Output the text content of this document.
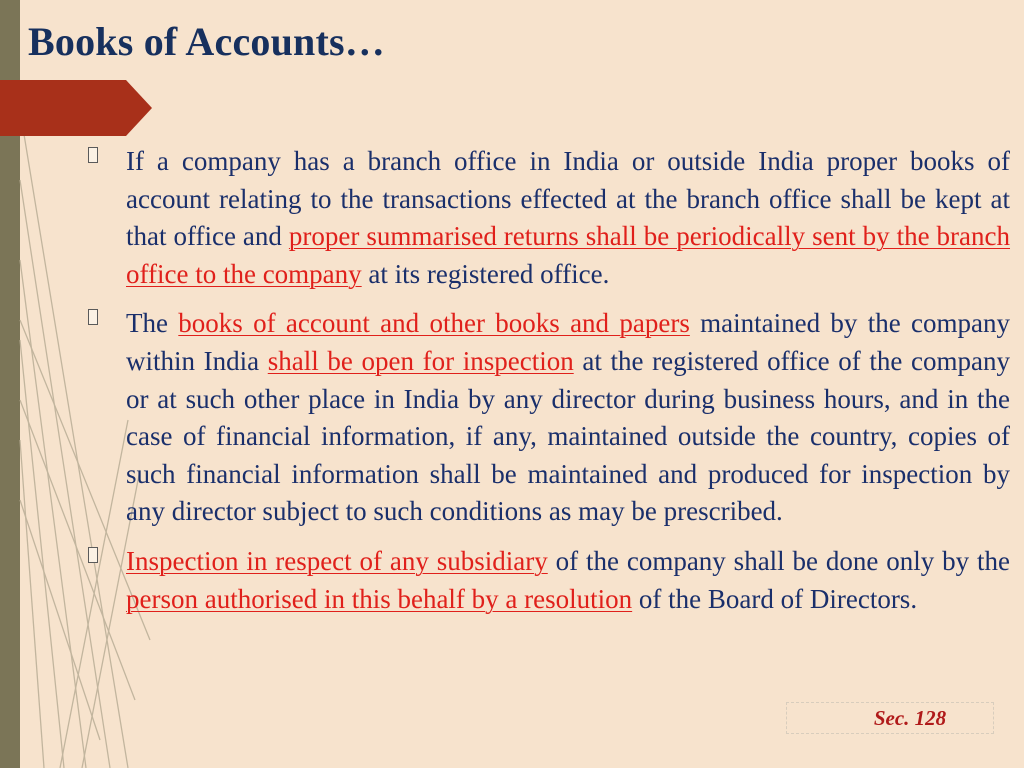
Books of Accounts…

If a company has a branch office in India or outside India proper books of account relating to the transactions effected at the branch office shall be kept at that office and proper summarised returns shall be periodically sent by the branch office to the company at its registered office.

The books of account and other books and papers maintained by the company within India shall be open for inspection at the registered office of the company or at such other place in India by any director during business hours, and in the case of financial information, if any, maintained outside the country, copies of such financial information shall be maintained and produced for inspection by any director subject to such conditions as may be prescribed.

Inspection in respect of any subsidiary of the company shall be done only by the person authorised in this behalf by a resolution of the Board of Directors.

Sec. 128
